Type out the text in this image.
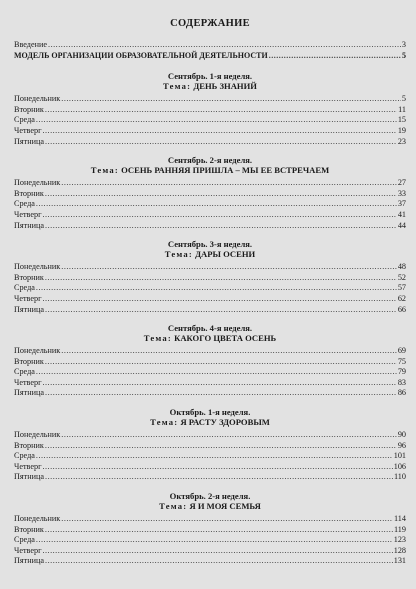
СОДЕРЖАНИЕ
Введение .....	3
МОДЕЛЬ ОРГАНИЗАЦИИ ОБРАЗОВАТЕЛЬНОЙ ДЕЯТЕЛЬНОСТИ .....	5
Сентябрь. 1-я неделя.
Тема: ДЕНЬ ЗНАНИЙ
Понедельник .....	5
Вторник .....	11
Среда .....	15
Четверг .....	19
Пятница .....	23
Сентябрь. 2-я неделя.
Тема: ОСЕНЬ РАННЯЯ ПРИШЛА – МЫ ЕЕ ВСТРЕЧАЕМ
Понедельник .....	27
Вторник .....	33
Среда .....	37
Четверг .....	41
Пятница .....	44
Сентябрь. 3-я неделя.
Тема: ДАРЫ ОСЕНИ
Понедельник .....	48
Вторник .....	52
Среда .....	57
Четверг .....	62
Пятница .....	66
Сентябрь. 4-я неделя.
Тема: КАКОГО ЦВЕТА ОСЕНЬ
Понедельник .....	69
Вторник .....	75
Среда .....	79
Четверг .....	83
Пятница .....	86
Октябрь. 1-я неделя.
Тема: Я РАСТУ ЗДОРОВЫМ
Понедельник .....	90
Вторник .....	96
Среда .....	101
Четверг .....	106
Пятница .....	110
Октябрь. 2-я неделя.
Тема: Я И МОЯ СЕМЬЯ
Понедельник .....	114
Вторник .....	119
Среда .....	123
Четверг .....	128
Пятница .....	131
